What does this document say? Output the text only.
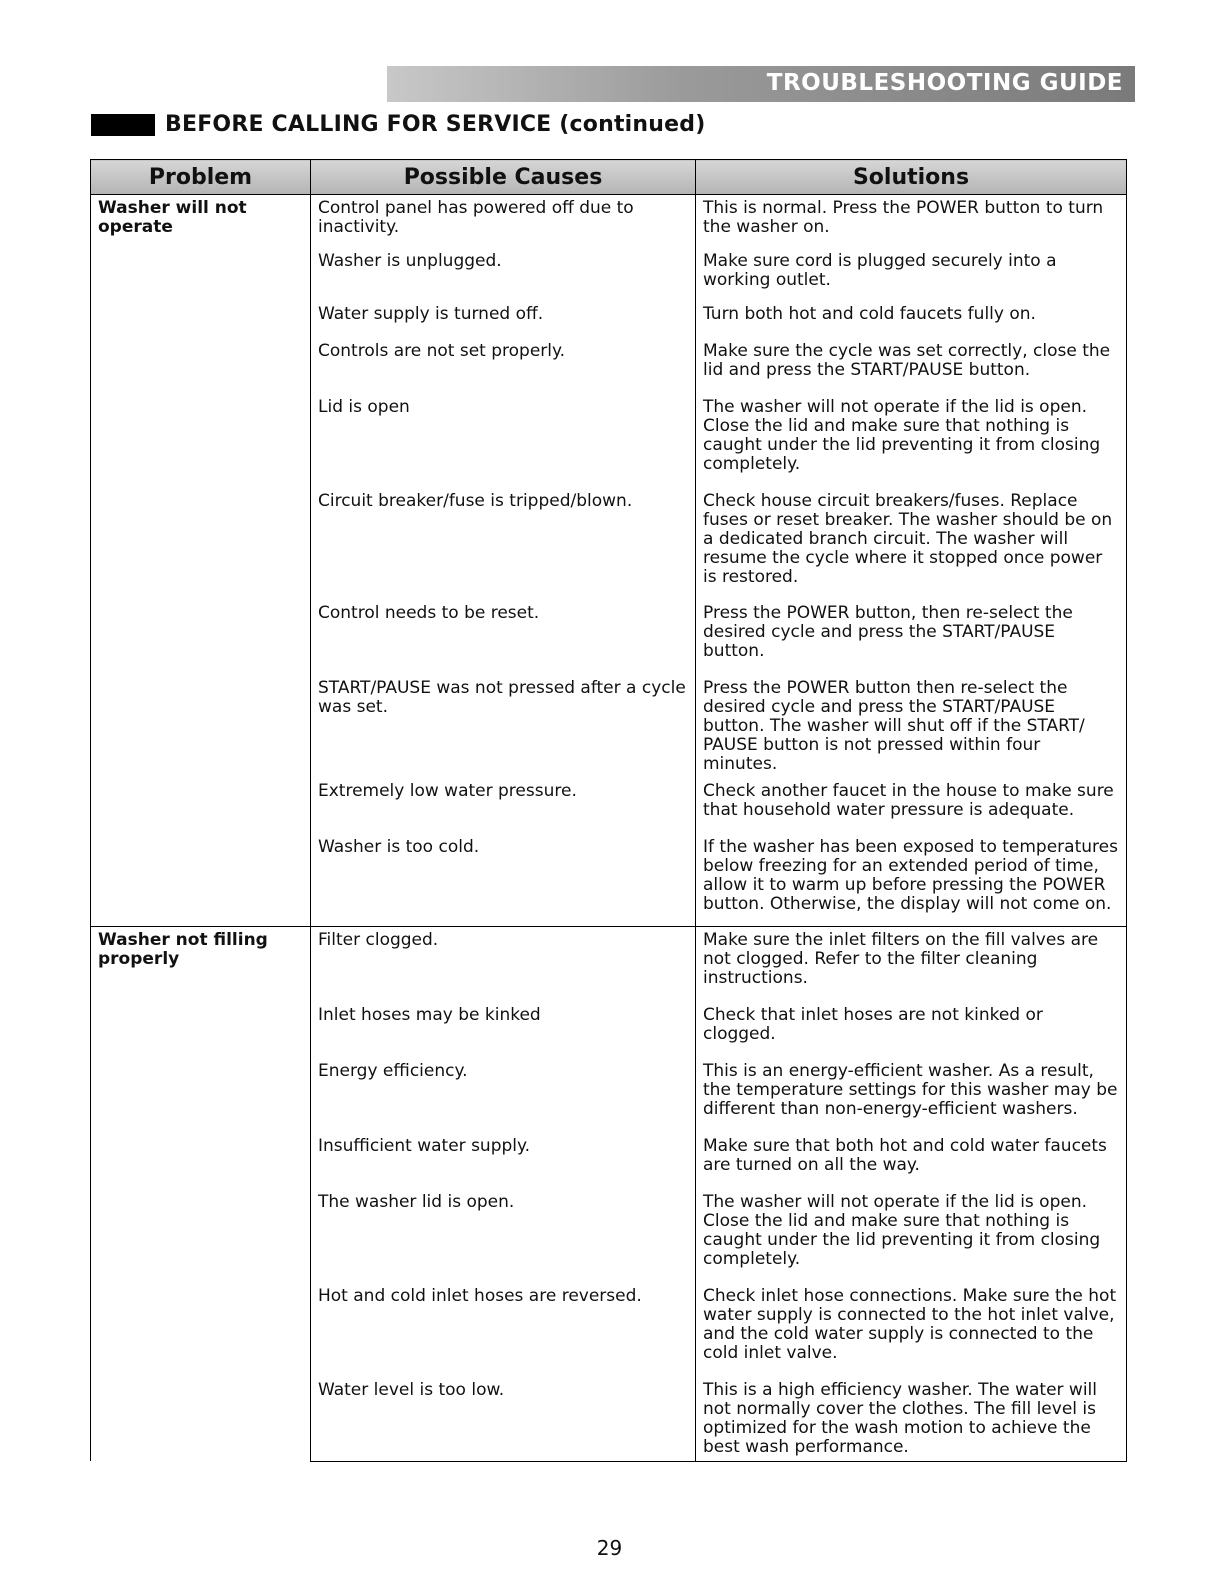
TROUBLESHOOTING GUIDE
BEFORE CALLING FOR SERVICE (continued)
Problem	Possible Causes	Solutions
Washer will not operate	Control panel has powered off due to inactivity.	This is normal. Press the POWER button to turn the washer on.
	Washer is unplugged.	Make sure cord is plugged securely into a working outlet.
	Water supply is turned off.	Turn both hot and cold faucets fully on.
	Controls are not set properly.	Make sure the cycle was set correctly, close the lid and press the START/PAUSE button.
	Lid is open	The washer will not operate if the lid is open. Close the lid and make sure that nothing is caught under the lid preventing it from closing completely.
	Circuit breaker/fuse is tripped/blown.	Check house circuit breakers/fuses. Replace fuses or reset breaker. The washer should be on a dedicated branch circuit. The washer will resume the cycle where it stopped once power is restored.
	Control needs to be reset.	Press the POWER button, then re-select the desired cycle and press the START/PAUSE button.
	START/PAUSE was not pressed after a cycle was set.	Press the POWER button then re-select the desired cycle and press the START/PAUSE button. The washer will shut off if the START/ PAUSE button is not pressed within four minutes.
	Extremely low water pressure.	Check another faucet in the house to make sure that household water pressure is adequate.
	Washer is too cold.	If the washer has been exposed to temperatures below freezing for an extended period of time, allow it to warm up before pressing the POWER button. Otherwise, the display will not come on.
Washer not filling properly	Filter clogged.	Make sure the inlet filters on the fill valves are not clogged. Refer to the filter cleaning instructions.
	Inlet hoses may be kinked	Check that inlet hoses are not kinked or clogged.
	Energy efficiency.	This is an energy-efficient washer. As a result, the temperature settings for this washer may be different than non-energy-efficient washers.
	Insufficient water supply.	Make sure that both hot and cold water faucets are turned on all the way.
	The washer lid is open.	The washer will not operate if the lid is open. Close the lid and make sure that nothing is caught under the lid preventing it from closing completely.
	Hot and cold inlet hoses are reversed.	Check inlet hose connections. Make sure the hot water supply is connected to the hot inlet valve, and the cold water supply is connected to the cold inlet valve.
	Water level is too low.	This is a high efficiency washer. The water will not normally cover the clothes. The fill level is optimized for the wash motion to achieve the best wash performance.
29
